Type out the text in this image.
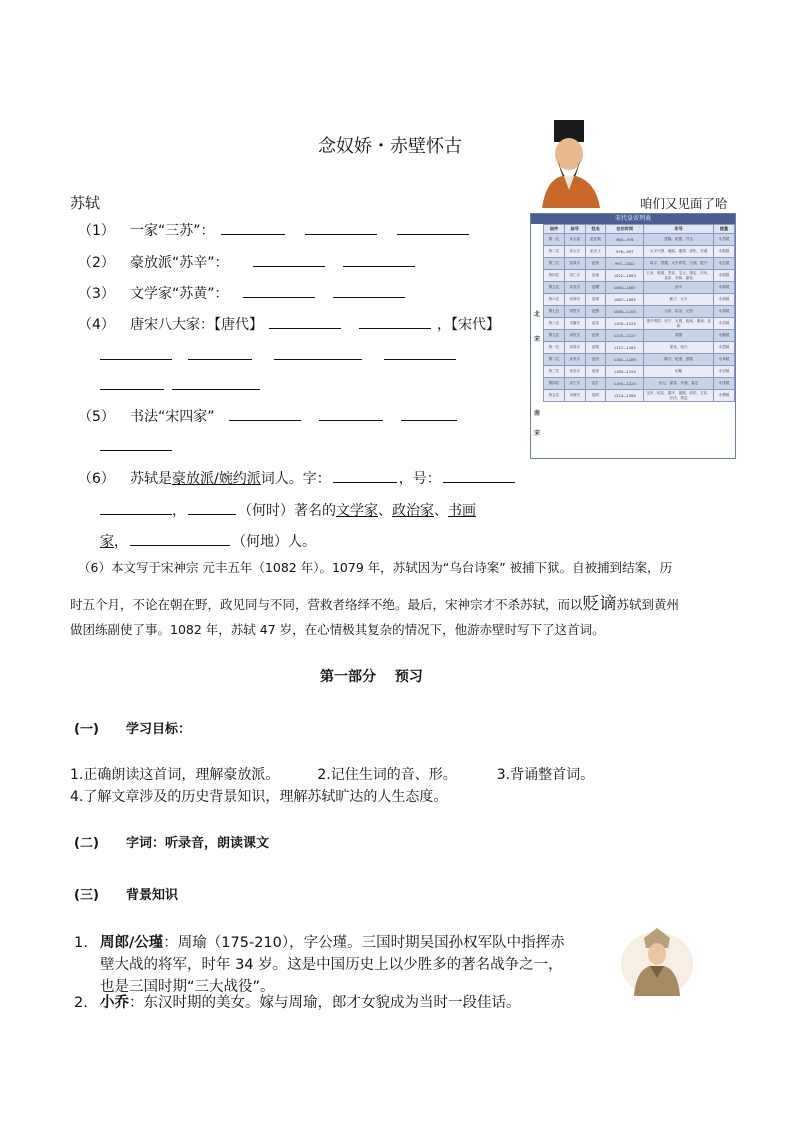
念奴娇・赤壁怀古
咱们又见面了哈
宋代皇帝列表
北
宋
南
宋
庙序	庙号	姓名	在位时间	年号	陵墓
第一位	宋太祖	赵匡胤	960—976	建隆、乾德、开宝	永昌陵
第二位	宋太宗	赵光义	976—997	太平兴国、雍熙、端拱、淳化、至道	永熙陵
第三位	宋真宗	赵恒	997—1022	咸平、景德、大中祥符、天禧、乾兴	永定陵
第四位	宋仁宗	赵祯	1022—1063	天圣、明道、景祐、宝元、康定、庆历、皇祐、至和、嘉祐	永昭陵
第五位	宋英宗	赵曙	1063—1067	治平	永厚陵
第六位	宋神宗	赵顼	1067—1085	熙宁、元丰	永裕陵
第七位	宋哲宗	赵煦	1085—1100	元祐、绍圣、元符	永泰陵
第八位	宋徽宗	赵佶	1100—1125	建中靖国、崇宁、大观、政和、重和、宣和	永祐陵
第九位	宋钦宗	赵桓	1125—1127	靖康	永献陵
第一位	宋高宗	赵构	1127—1162	建炎、绍兴	永思陵
第二位	宋孝宗	赵昚	1162—1189	隆兴、乾道、淳熙	永阜陵
第三位	宋光宗	赵惇	1189—1194	绍熙	永崇陵
第四位	宋宁宗	赵扩	1194—1224	庆元、嘉泰、开禧、嘉定	永茂陵
第五位	宋理宗	赵昀	1224—1264	宝庆、绍定、端平、嘉熙、淳祐、宝祐、开庆、景定	永穆陵
苏轼
（1） 一家“三苏”：
（2） 豪放派“苏辛”：
（3） 文学家“苏黄”：
（4） 唐宋八大家：【唐代】	，【宋代】
（5） 书法“宋四家”
（6） 苏轼是豪放派/婉约派词人。字：	，号：
，	（何时）著名的文学家、政治家、书画
家，	（何地）人。
（6）本文写于宋神宗 元丰五年（1082 年）。1079 年，苏轼因为“乌台诗案” 被捕下狱。自被捕到结案，历
时五个月，不论在朝在野，政见同与不同，营救者络绎不绝。最后，宋神宗才不杀苏轼，而以贬谪苏轼到黄州
做团练副使了事。1082 年，苏轼 47 岁，在心情极其复杂的情况下，他游赤壁时写下了这首词。
第一部分　 预习
(一) 学习目标：
1.正确朗读这首词，理解豪放派。	2.记住生词的音、形。	3.背诵整首词。
4.了解文章涉及的历史背景知识，理解苏轼旷达的人生态度。
(二) 字词：听录音，朗读课文
(三) 背景知识
1. 周郎/公瑾：周瑜（175-210），字公瑾。三国时期吴国孙权军队中指挥赤
壁大战的将军，时年 34 岁。这是中国历史上以少胜多的著名战争之一，
也是三国时期“三大战役”。
2. 小乔：东汉时期的美女。嫁与周瑜，郎才女貌成为当时一段佳话。
